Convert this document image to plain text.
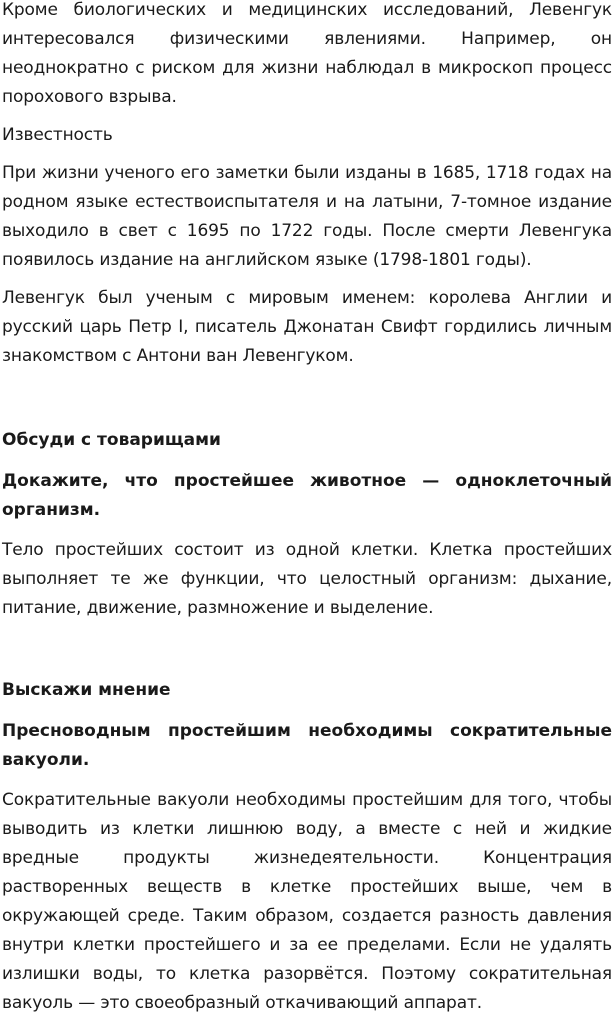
Кроме биологических и медицинских исследований, Левенгук интересовался физическими явлениями. Например, он неоднократно с риском для жизни наблюдал в микроскоп процесс порохового взрыва.

Известность

При жизни ученого его заметки были изданы в 1685, 1718 годах на родном языке естествоиспытателя и на латыни, 7-томное издание выходило в свет с 1695 по 1722 годы. После смерти Левенгука появилось издание на английском языке (1798-1801 годы).

Левенгук был ученым с мировым именем: королева Англии и русский царь Петр I, писатель Джонатан Свифт гордились личным знакомством с Антони ван Левенгуком.

Обсуди с товарищами
Докажите, что простейшее животное — одноклеточный организм.

Тело простейших состоит из одной клетки. Клетка простейших выполняет те же функции, что целостный организм: дыхание, питание, движение, размножение и выделение.

Выскажи мнение
Пресноводным простейшим необходимы сократительные вакуоли.

Сократительные вакуоли необходимы простейшим для того, чтобы выводить из клетки лишнюю воду, а вместе с ней и жидкие вредные продукты жизнедеятельности. Концентрация растворенных веществ в клетке простейших выше, чем в окружающей среде. Таким образом, создается разность давления внутри клетки простейшего и за ее пределами. Если не удалять излишки воды, то клетка разорвётся. Поэтому сократительная вакуоль — это своеобразный откачивающий аппарат.
